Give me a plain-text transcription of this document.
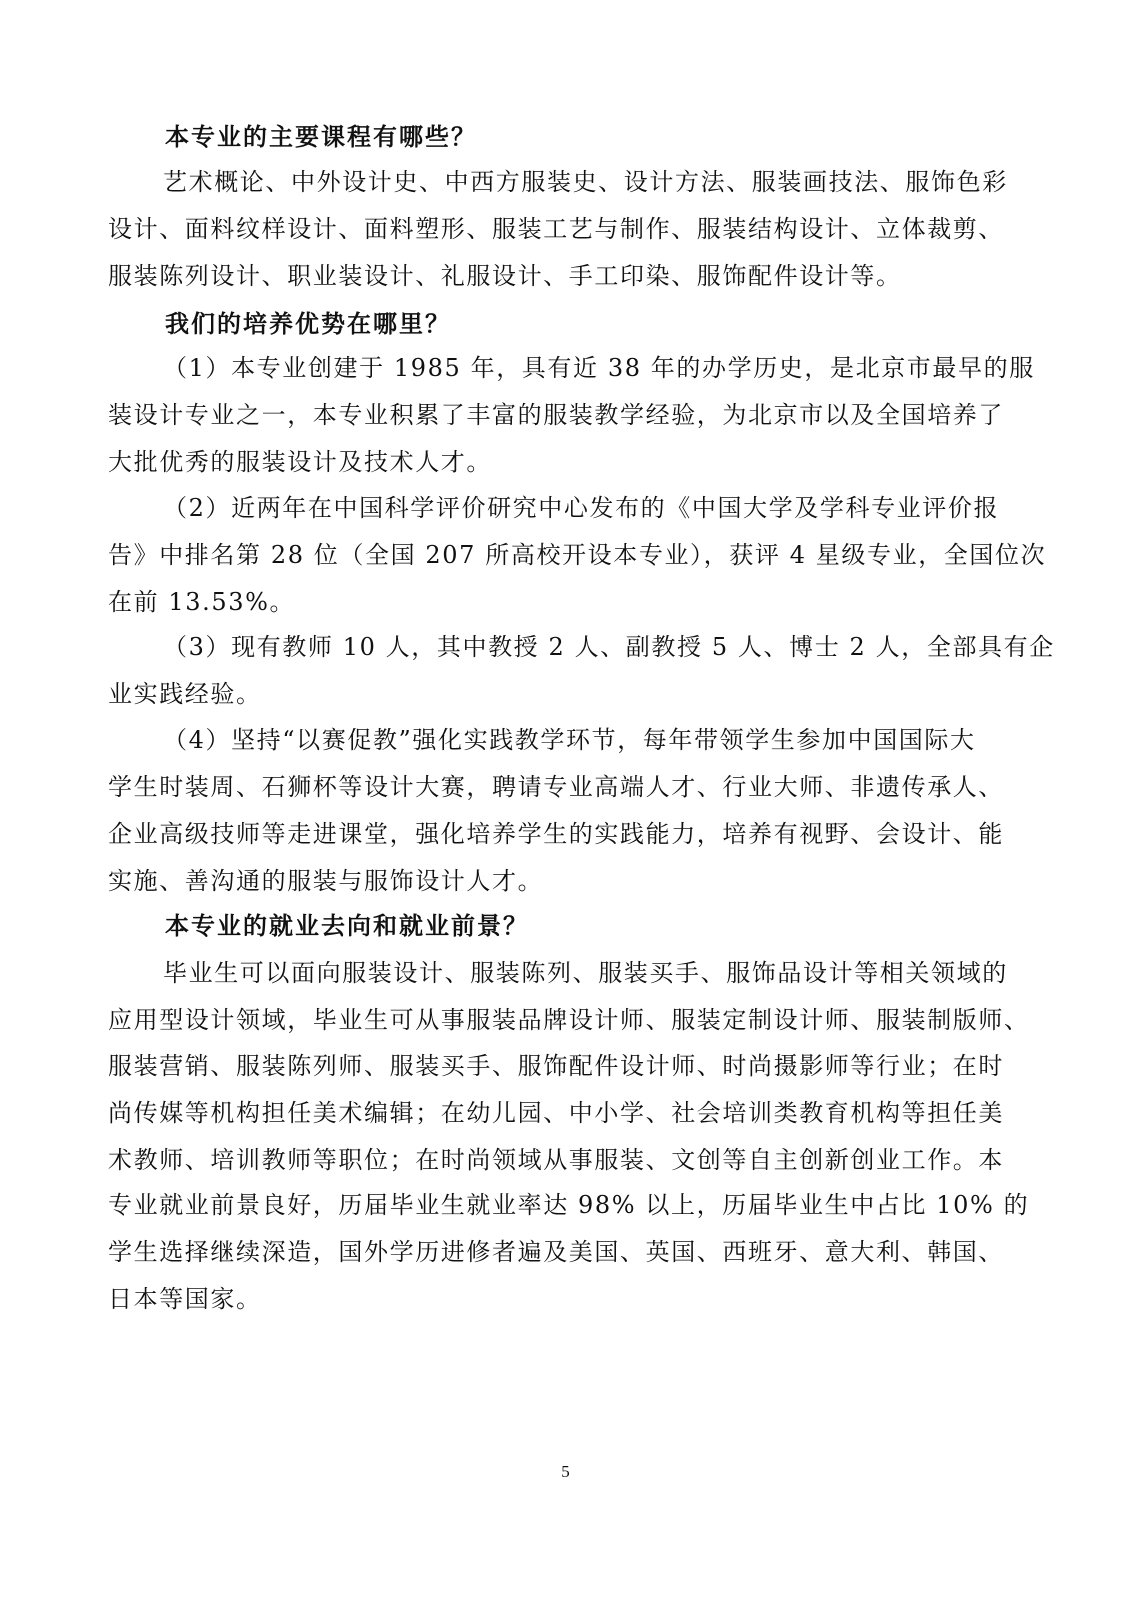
本专业的主要课程有哪些？
艺术概论、中外设计史、中西方服装史、设计方法、服装画技法、服饰色彩
设计、面料纹样设计、面料塑形、服装工艺与制作、服装结构设计、立体裁剪、
服装陈列设计、职业装设计、礼服设计、手工印染、服饰配件设计等。
我们的培养优势在哪里？
（1）本专业创建于 1985 年，具有近 38 年的办学历史，是北京市最早的服
装设计专业之一，本专业积累了丰富的服装教学经验，为北京市以及全国培养了
大批优秀的服装设计及技术人才。
（2）近两年在中国科学评价研究中心发布的《中国大学及学科专业评价报
告》中排名第 28 位（全国 207 所高校开设本专业），获评 4 星级专业，全国位次
在前 13.53%。
（3）现有教师 10 人，其中教授 2 人、副教授 5 人、博士 2 人，全部具有企
业实践经验。
（4）坚持“以赛促教”强化实践教学环节，每年带领学生参加中国国际大
学生时装周、石狮杯等设计大赛，聘请专业高端人才、行业大师、非遗传承人、
企业高级技师等走进课堂，强化培养学生的实践能力，培养有视野、会设计、能
实施、善沟通的服装与服饰设计人才。
本专业的就业去向和就业前景？
毕业生可以面向服装设计、服装陈列、服装买手、服饰品设计等相关领域的
应用型设计领域，毕业生可从事服装品牌设计师、服装定制设计师、服装制版师、
服装营销、服装陈列师、服装买手、服饰配件设计师、时尚摄影师等行业；在时
尚传媒等机构担任美术编辑；在幼儿园、中小学、社会培训类教育机构等担任美
术教师、培训教师等职位；在时尚领域从事服装、文创等自主创新创业工作。本
专业就业前景良好，历届毕业生就业率达 98% 以上，历届毕业生中占比 10% 的
学生选择继续深造，国外学历进修者遍及美国、英国、西班牙、意大利、韩国、
日本等国家。
5
